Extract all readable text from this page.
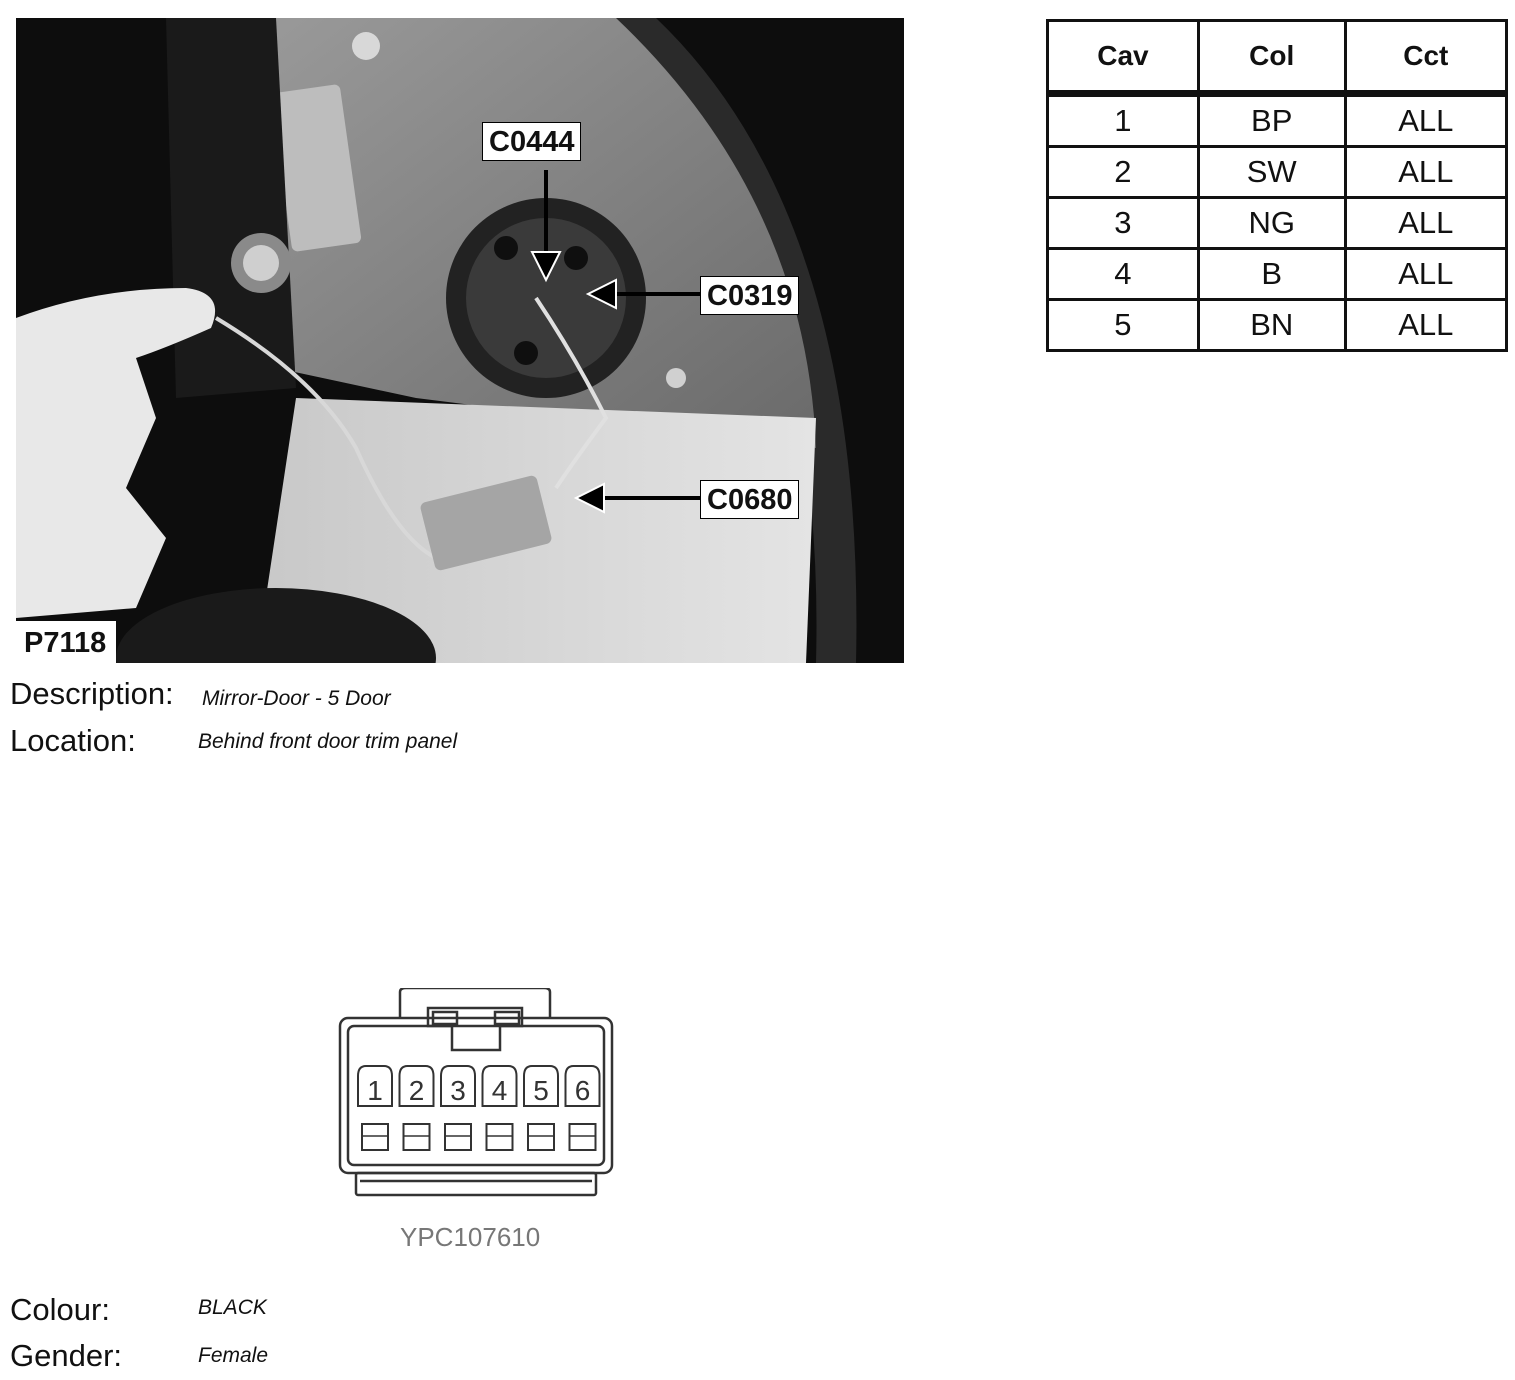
C0444
C0319
C0680
P7118
Cav	Col	Cct
1	BP	ALL
2	SW	ALL
3	NG	ALL
4	B	ALL
5	BN	ALL
Description: Mirror-Door - 5 Door
Location:	Behind front door trim panel
1 2 3 4 5 6
YPC107610
Colour:	BLACK
Gender:	Female
